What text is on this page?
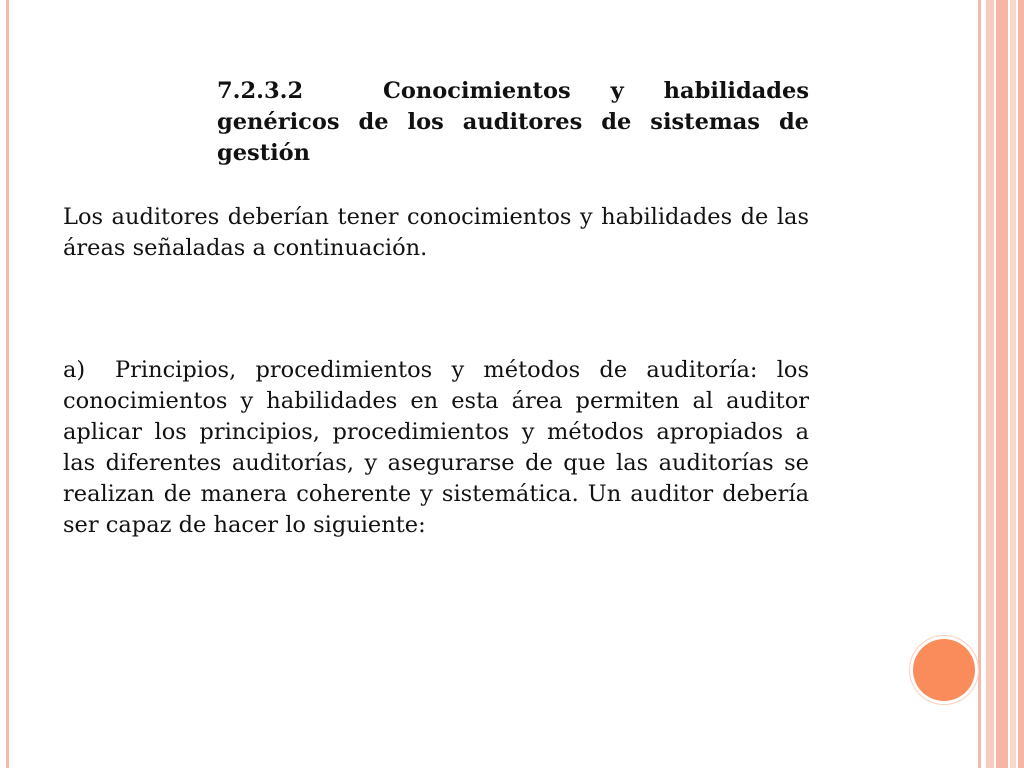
7.2.3.2	Conocimientos y habilidades genéricos de los auditores de sistemas de gestión
Los auditores deberían tener conocimientos y habilidades de las áreas señaladas a continuación.
a) Principios, procedimientos y métodos de auditoría: los conocimientos y habilidades en esta área permiten al auditor aplicar los principios, procedimientos y métodos apropiados a las diferentes auditorías, y asegurarse de que las auditorías se realizan de manera coherente y sistemática. Un auditor debería ser capaz de hacer lo siguiente:
